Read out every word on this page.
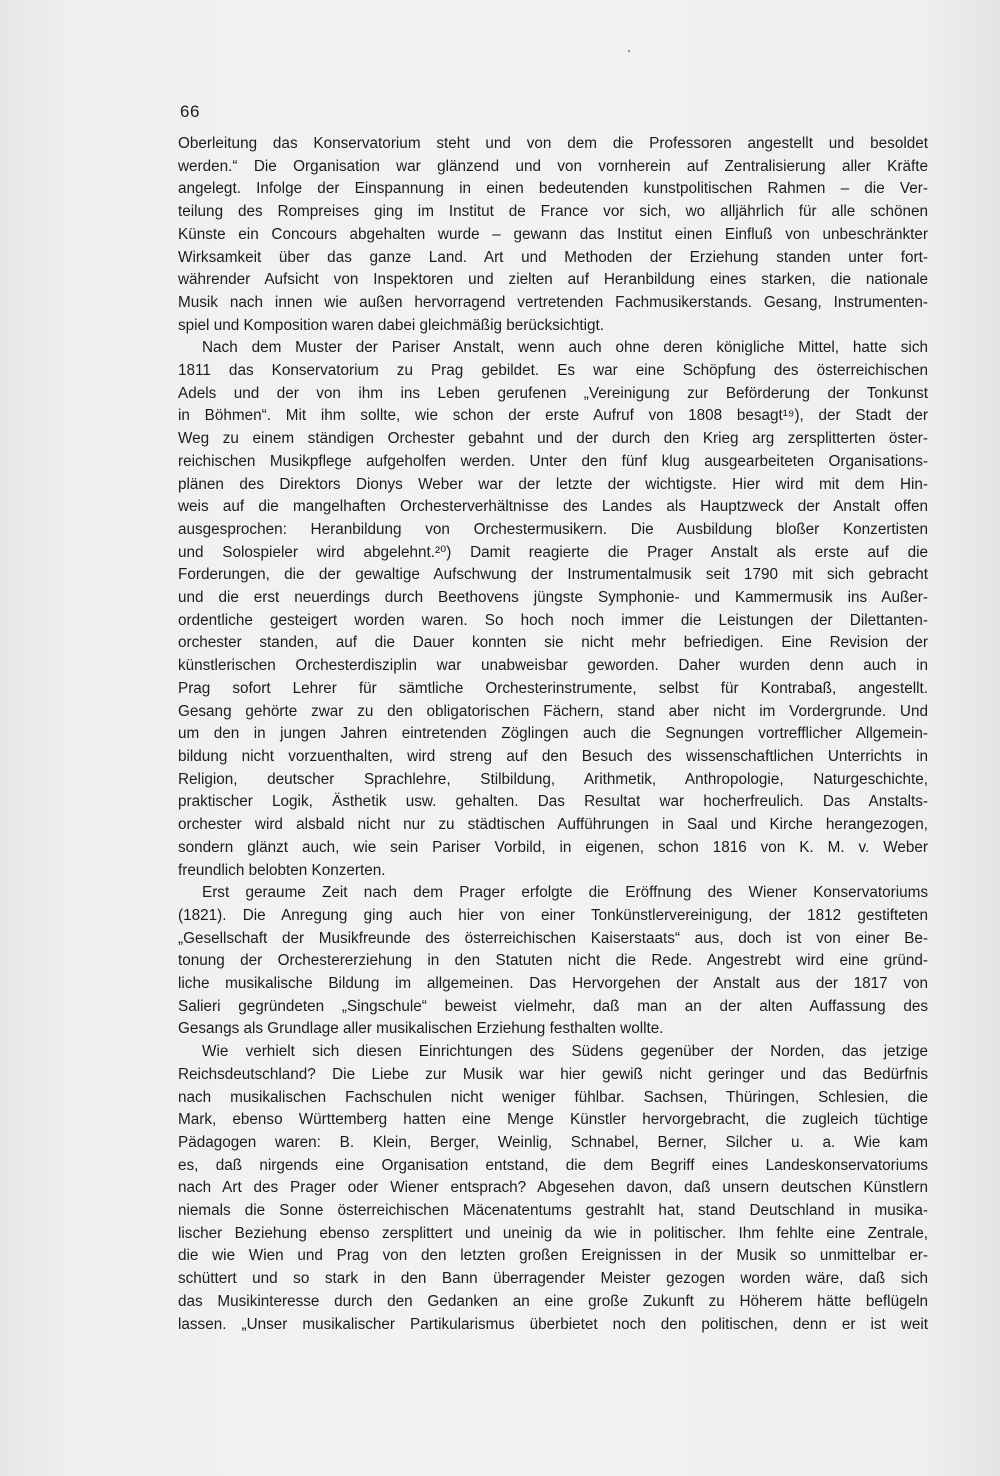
66
Oberleitung das Konservatorium steht und von dem die Professoren angestellt und besoldet
werden.“ Die Organisation war glänzend und von vornherein auf Zentralisierung aller Kräfte
angelegt. Infolge der Einspannung in einen bedeutenden kunstpolitischen Rahmen – die Ver-
teilung des Rompreises ging im Institut de France vor sich, wo alljährlich für alle schönen
Künste ein Concours abgehalten wurde – gewann das Institut einen Einfluß von unbeschränkter
Wirksamkeit über das ganze Land. Art und Methoden der Erziehung standen unter fort-
währender Aufsicht von Inspektoren und zielten auf Heranbildung eines starken, die nationale
Musik nach innen wie außen hervorragend vertretenden Fachmusikerstands. Gesang, Instrumenten-
spiel und Komposition waren dabei gleichmäßig berücksichtigt.
Nach dem Muster der Pariser Anstalt, wenn auch ohne deren königliche Mittel, hatte sich
1811 das Konservatorium zu Prag gebildet. Es war eine Schöpfung des österreichischen
Adels und der von ihm ins Leben gerufenen „Vereinigung zur Beförderung der Tonkunst
in Böhmen“. Mit ihm sollte, wie schon der erste Aufruf von 1808 besagt¹⁹), der Stadt der
Weg zu einem ständigen Orchester gebahnt und der durch den Krieg arg zersplitterten öster-
reichischen Musikpflege aufgeholfen werden. Unter den fünf klug ausgearbeiteten Organisations-
plänen des Direktors Dionys Weber war der letzte der wichtigste. Hier wird mit dem Hin-
weis auf die mangelhaften Orchesterverhältnisse des Landes als Hauptzweck der Anstalt offen
ausgesprochen: Heranbildung von Orchestermusikern. Die Ausbildung bloßer Konzertisten
und Solospieler wird abgelehnt.²⁰) Damit reagierte die Prager Anstalt als erste auf die
Forderungen, die der gewaltige Aufschwung der Instrumentalmusik seit 1790 mit sich gebracht
und die erst neuerdings durch Beethovens jüngste Symphonie- und Kammermusik ins Außer-
ordentliche gesteigert worden waren. So hoch noch immer die Leistungen der Dilettanten-
orchester standen, auf die Dauer konnten sie nicht mehr befriedigen. Eine Revision der
künstlerischen Orchesterdisziplin war unabweisbar geworden. Daher wurden denn auch in
Prag sofort Lehrer für sämtliche Orchesterinstrumente, selbst für Kontrabaß, angestellt.
Gesang gehörte zwar zu den obligatorischen Fächern, stand aber nicht im Vordergrunde. Und
um den in jungen Jahren eintretenden Zöglingen auch die Segnungen vortrefflicher Allgemein-
bildung nicht vorzuenthalten, wird streng auf den Besuch des wissenschaftlichen Unterrichts in
Religion, deutscher Sprachlehre, Stilbildung, Arithmetik, Anthropologie, Naturgeschichte,
praktischer Logik, Ästhetik usw. gehalten. Das Resultat war hocherfreulich. Das Anstalts-
orchester wird alsbald nicht nur zu städtischen Aufführungen in Saal und Kirche herangezogen,
sondern glänzt auch, wie sein Pariser Vorbild, in eigenen, schon 1816 von K. M. v. Weber
freundlich belobten Konzerten.
Erst geraume Zeit nach dem Prager erfolgte die Eröffnung des Wiener Konservatoriums
(1821). Die Anregung ging auch hier von einer Tonkünstlervereinigung, der 1812 gestifteten
„Gesellschaft der Musikfreunde des österreichischen Kaiserstaats“ aus, doch ist von einer Be-
tonung der Orchestererziehung in den Statuten nicht die Rede. Angestrebt wird eine gründ-
liche musikalische Bildung im allgemeinen. Das Hervorgehen der Anstalt aus der 1817 von
Salieri gegründeten „Singschule“ beweist vielmehr, daß man an der alten Auffassung des
Gesangs als Grundlage aller musikalischen Erziehung festhalten wollte.
Wie verhielt sich diesen Einrichtungen des Südens gegenüber der Norden, das jetzige
Reichsdeutschland? Die Liebe zur Musik war hier gewiß nicht geringer und das Bedürfnis
nach musikalischen Fachschulen nicht weniger fühlbar. Sachsen, Thüringen, Schlesien, die
Mark, ebenso Württemberg hatten eine Menge Künstler hervorgebracht, die zugleich tüchtige
Pädagogen waren: B. Klein, Berger, Weinlig, Schnabel, Berner, Silcher u. a. Wie kam
es, daß nirgends eine Organisation entstand, die dem Begriff eines Landeskonservatoriums
nach Art des Prager oder Wiener entsprach? Abgesehen davon, daß unsern deutschen Künstlern
niemals die Sonne österreichischen Mäcenatentums gestrahlt hat, stand Deutschland in musika-
lischer Beziehung ebenso zersplittert und uneinig da wie in politischer. Ihm fehlte eine Zentrale,
die wie Wien und Prag von den letzten großen Ereignissen in der Musik so unmittelbar er-
schüttert und so stark in den Bann überragender Meister gezogen worden wäre, daß sich
das Musikinteresse durch den Gedanken an eine große Zukunft zu Höherem hätte beflügeln
lassen. „Unser musikalischer Partikularismus überbietet noch den politischen, denn er ist weit
